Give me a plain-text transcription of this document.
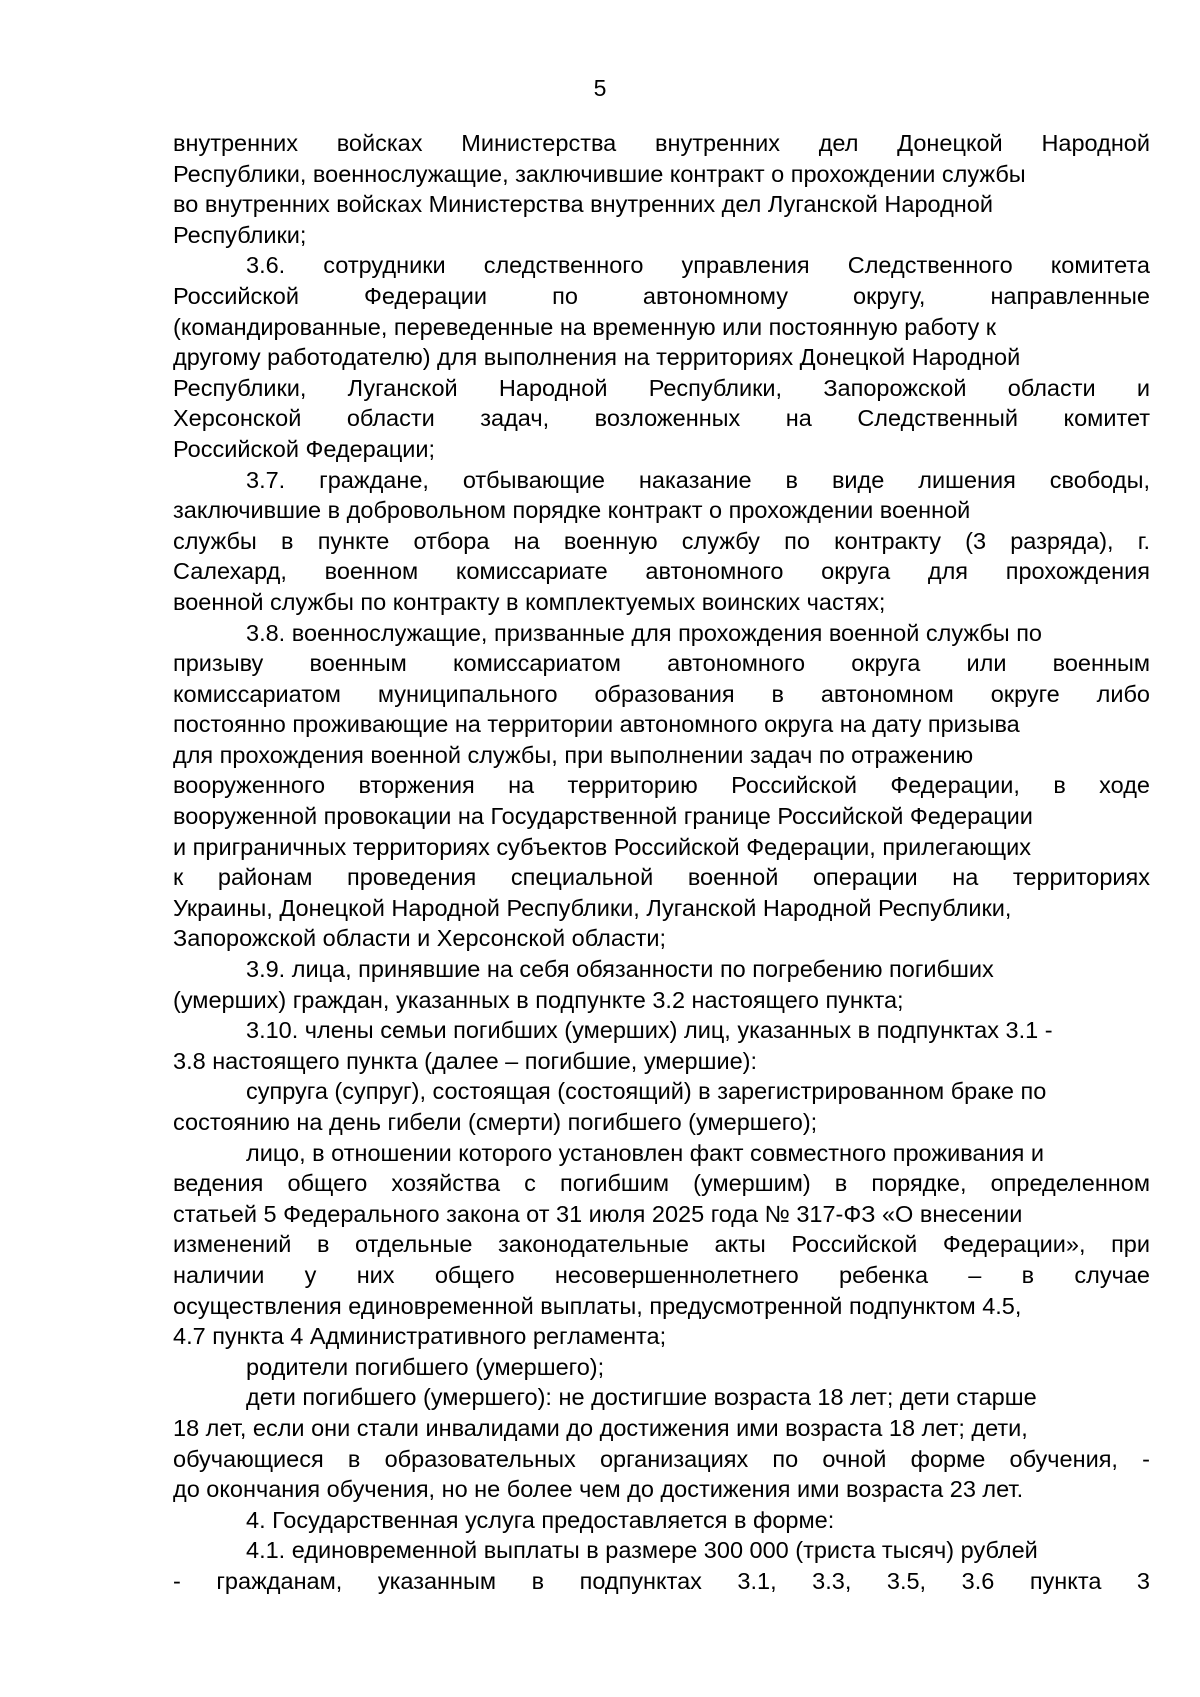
5
внутренних войсках Министерства внутренних дел Донецкой Народной
Республики, военнослужащие, заключившие контракт о прохождении службы
во внутренних войсках Министерства внутренних дел Луганской Народной
Республики;
3.6. сотрудники следственного управления Следственного комитета
Российской Федерации по автономному округу, направленные
(командированные, переведенные на временную или постоянную работу к
другому работодателю) для выполнения на территориях Донецкой Народной
Республики, Луганской Народной Республики, Запорожской области и
Херсонской области задач, возложенных на Следственный комитет
Российской Федерации;
3.7. граждане, отбывающие наказание в виде лишения свободы,
заключившие в добровольном порядке контракт о прохождении военной
службы в пункте отбора на военную службу по контракту (3 разряда), г.
Салехард, военном комиссариате автономного округа для прохождения
военной службы по контракту в комплектуемых воинских частях;
3.8. военнослужащие, призванные для прохождения военной службы по
призыву военным комиссариатом автономного округа или военным
комиссариатом муниципального образования в автономном округе либо
постоянно проживающие на территории автономного округа на дату призыва
для прохождения военной службы, при выполнении задач по отражению
вооруженного вторжения на территорию Российской Федерации, в ходе
вооруженной провокации на Государственной границе Российской Федерации
и приграничных территориях субъектов Российской Федерации, прилегающих
к районам проведения специальной военной операции на территориях
Украины, Донецкой Народной Республики, Луганской Народной Республики,
Запорожской области и Херсонской области;
3.9. лица, принявшие на себя обязанности по погребению погибших
(умерших) граждан, указанных в подпункте 3.2 настоящего пункта;
3.10. члены семьи погибших (умерших) лиц, указанных в подпунктах 3.1 -
3.8 настоящего пункта (далее – погибшие, умершие):
супруга (супруг), состоящая (состоящий) в зарегистрированном браке по
состоянию на день гибели (смерти) погибшего (умершего);
лицо, в отношении которого установлен факт совместного проживания и
ведения общего хозяйства с погибшим (умершим) в порядке, определенном
статьей 5 Федерального закона от 31 июля 2025 года № 317-ФЗ «О внесении
изменений в отдельные законодательные акты Российской Федерации», при
наличии у них общего несовершеннолетнего ребенка – в случае
осуществления единовременной выплаты, предусмотренной подпунктом 4.5,
4.7 пункта 4 Административного регламента;
родители погибшего (умершего);
дети погибшего (умершего): не достигшие возраста 18 лет; дети старше
18 лет, если они стали инвалидами до достижения ими возраста 18 лет; дети,
обучающиеся в образовательных организациях по очной форме обучения, -
до окончания обучения, но не более чем до достижения ими возраста 23 лет.
4. Государственная услуга предоставляется в форме:
4.1. единовременной выплаты в размере 300 000 (триста тысяч) рублей
- гражданам, указанным в подпунктах 3.1, 3.3, 3.5, 3.6 пункта 3
